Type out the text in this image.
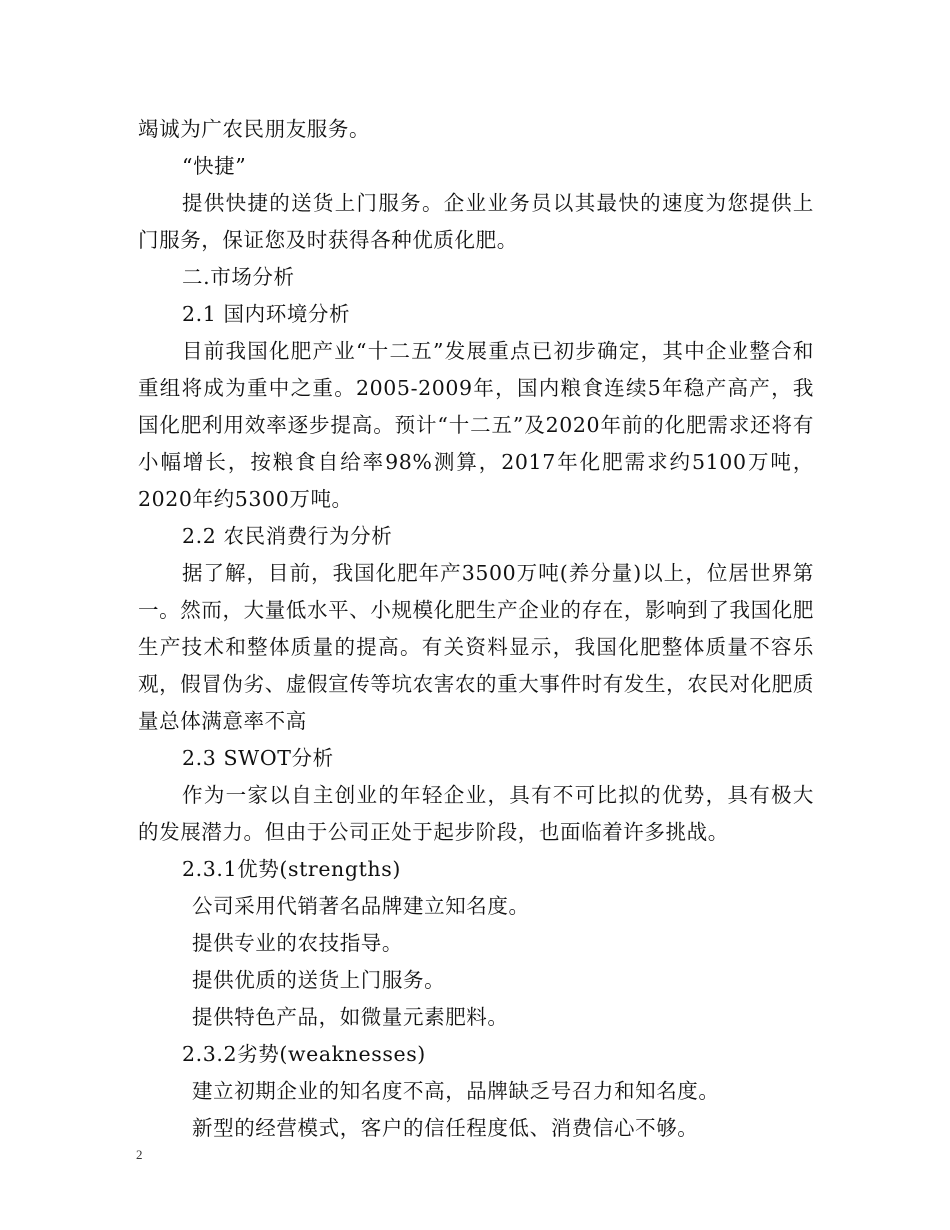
竭诚为广农民朋友服务。

“快捷”

提供快捷的送货上门服务。企业业务员以其最快的速度为您提供上门服务，保证您及时获得各种优质化肥。

二.市场分析

2.1 国内环境分析

目前我国化肥产业“十二五”发展重点已初步确定，其中企业整合和重组将成为重中之重。2005-2009年，国内粮食连续5年稳产高产，我国化肥利用效率逐步提高。预计“十二五”及2020年前的化肥需求还将有小幅增长，按粮食自给率98%测算，2017年化肥需求约5100万吨，2020年约5300万吨。

2.2 农民消费行为分析

据了解，目前，我国化肥年产3500万吨(养分量)以上，位居世界第一。然而，大量低水平、小规模化肥生产企业的存在，影响到了我国化肥生产技术和整体质量的提高。有关资料显示，我国化肥整体质量不容乐观，假冒伪劣、虚假宣传等坑农害农的重大事件时有发生，农民对化肥质量总体满意率不高

2.3 SWOT分析

作为一家以自主创业的年轻企业，具有不可比拟的优势，具有极大的发展潜力。但由于公司正处于起步阶段，也面临着许多挑战。

2.3.1优势(strengths)

公司采用代销著名品牌建立知名度。

提供专业的农技指导。

提供优质的送货上门服务。

提供特色产品，如微量元素肥料。

2.3.2劣势(weaknesses)

建立初期企业的知名度不高，品牌缺乏号召力和知名度。

新型的经营模式，客户的信任程度低、消费信心不够。

2
